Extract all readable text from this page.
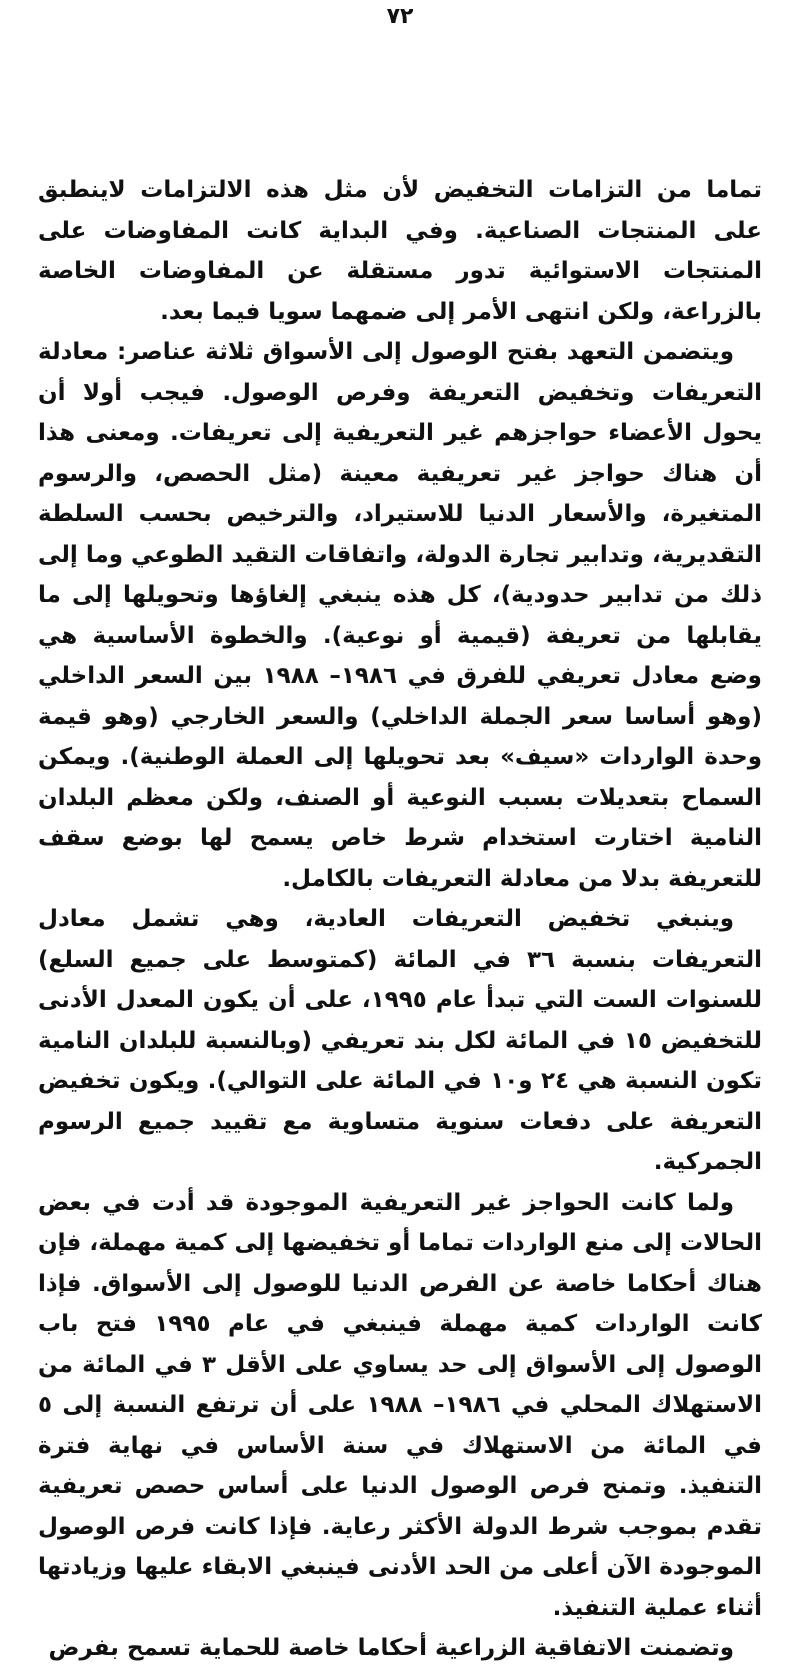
٧٢

تماما من التزامات التخفيض لأن مثل هذه الالتزامات لاينطبق على المنتجات الصناعية. وفي البداية كانت المفاوضات على المنتجات الاستوائية تدور مستقلة عن المفاوضات الخاصة بالزراعة، ولكن انتهى الأمر إلى ضمهما سويا فيما بعد.

ويتضمن التعهد بفتح الوصول إلى الأسواق ثلاثة عناصر: معادلة التعريفات وتخفيض التعريفة وفرص الوصول. فيجب أولا أن يحول الأعضاء حواجزهم غير التعريفية إلى تعريفات. ومعنى هذا أن هناك حواجز غير تعريفية معينة (مثل الحصص، والرسوم المتغيرة، والأسعار الدنيا للاستيراد، والترخيص بحسب السلطة التقديرية، وتدابير تجارة الدولة، واتفاقات التقيد الطوعي وما إلى ذلك من تدابير حدودية)، كل هذه ينبغي إلغاؤها وتحويلها إلى ما يقابلها من تعريفة (قيمية أو نوعية). والخطوة الأساسية هي وضع معادل تعريفي للفرق في ١٩٨٦– ١٩٨٨ بين السعر الداخلي (وهو أساسا سعر الجملة الداخلي) والسعر الخارجي (وهو قيمة وحدة الواردات «سيف» بعد تحويلها إلى العملة الوطنية). ويمكن السماح بتعديلات بسبب النوعية أو الصنف، ولكن معظم البلدان النامية اختارت استخدام شرط خاص يسمح لها بوضع سقف للتعريفة بدلا من معادلة التعريفات بالكامل.

وينبغي تخفيض التعريفات العادية، وهي تشمل معادل التعريفات بنسبة ٣٦ في المائة (كمتوسط على جميع السلع) للسنوات الست التي تبدأ عام ١٩٩٥، على أن يكون المعدل الأدنى للتخفيض ١٥ في المائة لكل بند تعريفي (وبالنسبة للبلدان النامية تكون النسبة هي ٢٤ و١٠ في المائة على التوالي). ويكون تخفيض التعريفة على دفعات سنوية متساوية مع تقييد جميع الرسوم الجمركية.

ولما كانت الحواجز غير التعريفية الموجودة قد أدت في بعض الحالات إلى منع الواردات تماما أو تخفيضها إلى كمية مهملة، فإن هناك أحكاما خاصة عن الفرص الدنيا للوصول إلى الأسواق. فإذا كانت الواردات كمية مهملة فينبغي في عام ١٩٩٥ فتح باب الوصول إلى الأسواق إلى حد يساوي على الأقل ٣ في المائة من الاستهلاك المحلي في ١٩٨٦– ١٩٨٨ على أن ترتفع النسبة إلى ٥ في المائة من الاستهلاك في سنة الأساس في نهاية فترة التنفيذ. وتمنح فرص الوصول الدنيا على أساس حصص تعريفية تقدم بموجب شرط الدولة الأكثر رعاية. فإذا كانت فرص الوصول الموجودة الآن أعلى من الحد الأدنى فينبغي الابقاء عليها وزيادتها أثناء عملية التنفيذ.

وتضمنت الاتفاقية الزراعية أحكاما خاصة للحماية تسمح بفرض
